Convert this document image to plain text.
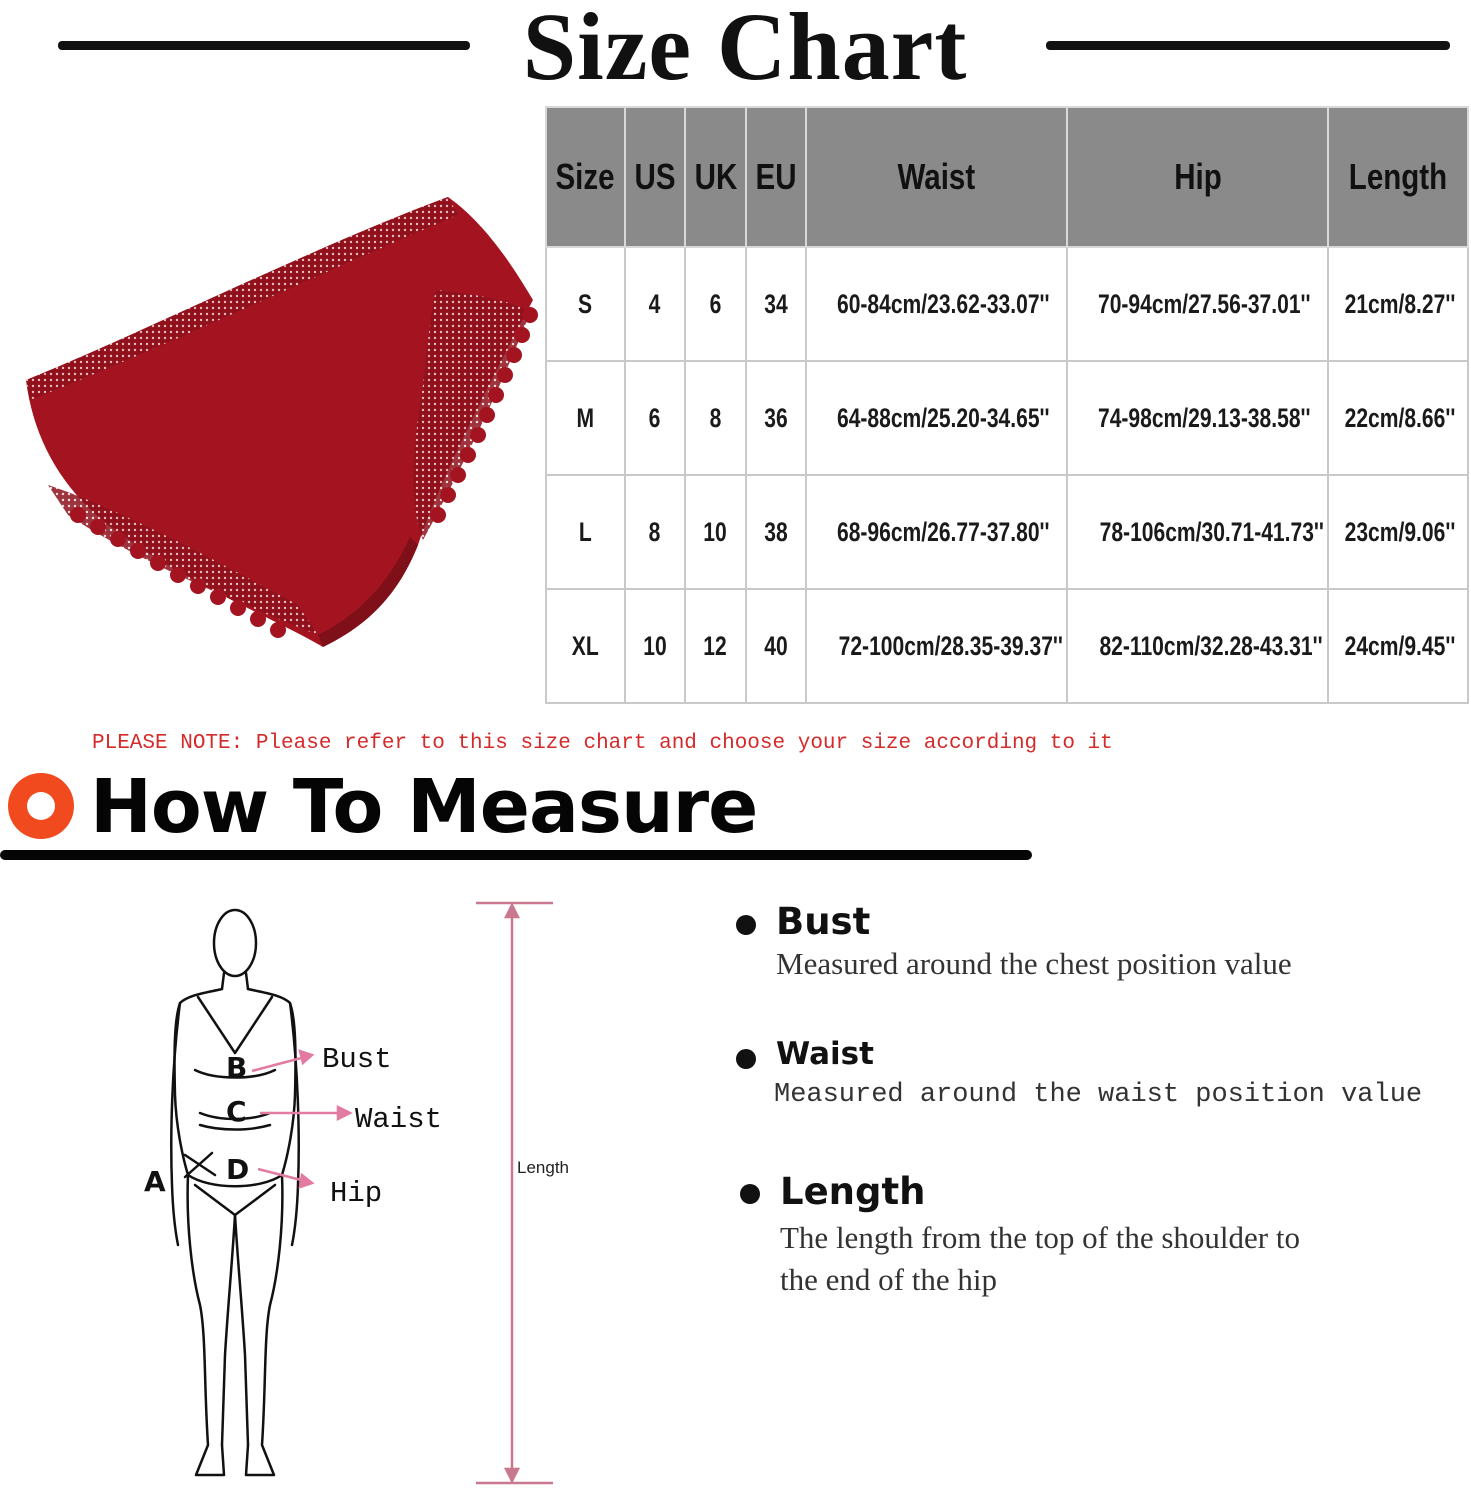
Size Chart
Size	US	UK	EU	Waist	Hip	Length
S	4	6	34	60-84cm/23.62-33.07''	70-94cm/27.56-37.01''	21cm/8.27''
M	6	8	36	64-88cm/25.20-34.65''	74-98cm/29.13-38.58''	22cm/8.66''
L	8	10	38	68-96cm/26.77-37.80''	78-106cm/30.71-41.73''	23cm/9.06''
XL	10	12	40	72-100cm/28.35-39.37''	82-110cm/32.28-43.31''	24cm/9.45''
PLEASE NOTE: Please refer to this size chart and choose your size according to it
How To Measure
B
C
D
A
Bust
Waist
Hip
Length
Bust
Measured around the chest position value
Waist
Measured around the waist position value
Length
The length from the top of the shoulder to
the end of the hip
